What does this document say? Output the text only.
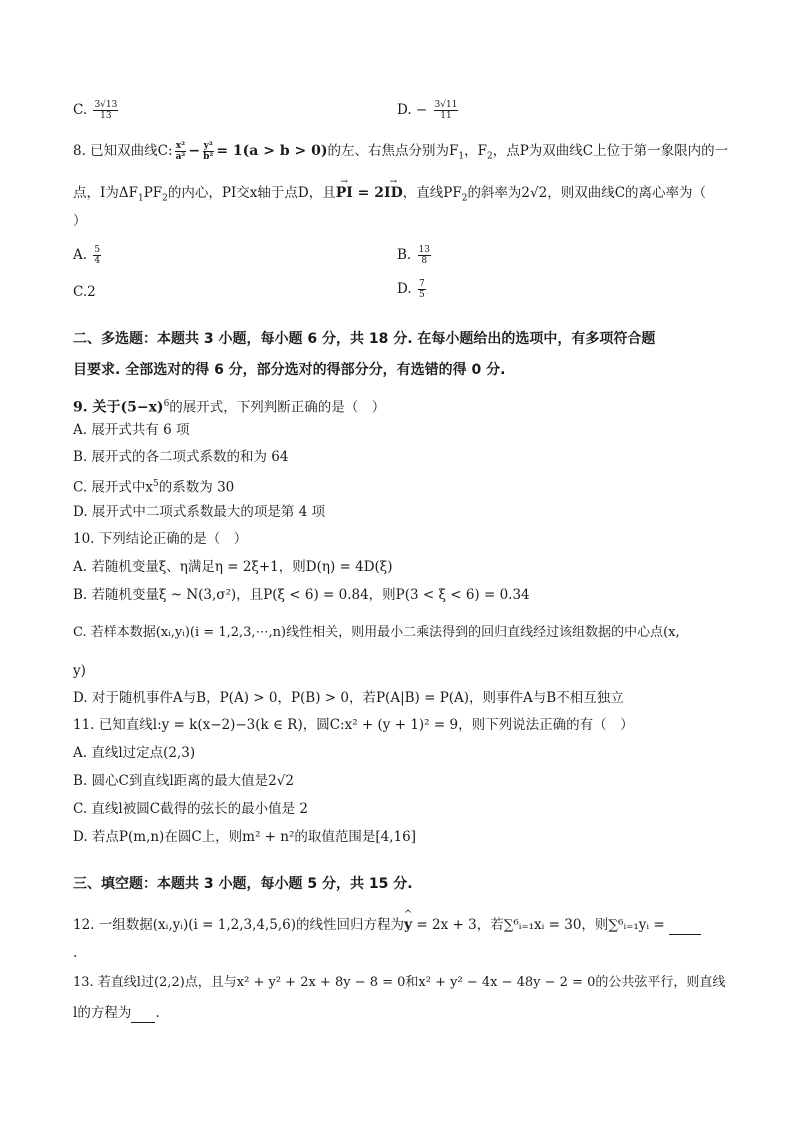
C. $\frac{3√13}{13}$	D. − $\frac{3√11}{11}$
8. 已知双曲线C: $\frac{\text{x²}}{\text{a²}} - \frac{\text{y²}}{\text{b²}} = 1(a > b > 0)$的左、右焦点分别为$F_1$，$F_2$，点P为双曲线C上位于第一象限内的一
点，I为$\Delta F_1PF_2$的内心，PI交x轴于点D，且→ PI = 2→ ID，直线$PF_2$的斜率为2√2，则双曲线C的离心率为（
）
A. $\frac{5}{4}$	B. $\frac{13}{8}$
C.2	D. $\frac{7}{5}$
二、多选题：本题共 3 小题，每小题 6 分，共 18 分. 在每小题给出的选项中，有多项符合题
目要求. 全部选对的得 6 分，部分选对的得部分分，有选错的得 0 分.
9. 关于$(5-x)^6$的展开式，下列判断正确的是（　）
A. 展开式共有 6 项
B. 展开式的各二项式系数的和为 64
C. 展开式中$x^5$的系数为 30
D. 展开式中二项式系数最大的项是第 4 项
10. 下列结论正确的是（　）
A. 若随机变量ξ、η满足η = 2ξ+1，则D(η) = 4D(ξ)
B. 若随机变量ξ ~ N(3,σ²)，且P(ξ < 6) = 0.84，则P(3 < ξ < 6) = 0.34
C. 若样本数据(xᵢ,yᵢ)(i = 1,2,3,⋯,n)线性相关，则用最小二乘法得到的回归直线经过该组数据的中心点(x,
y)
D. 对于随机事件A与B，P(A) > 0，P(B) > 0，若P(A|B) = P(A)，则事件A与B不相互独立
11. 已知直线l:y = k(x−2)−3(k ∈ R)，圆C:x² + (y + 1)² = 9，则下列说法正确的有（　）
A. 直线l过定点(2,3)
B. 圆心C到直线l距离的最大值是2√2
C. 直线l被圆C截得的弦长的最小值是 2
D. 若点P(m,n)在圆C上，则m² + n²的取值范围是[4,16]
三、填空题：本题共 3 小题，每小题 5 分，共 15 分.
12. 一组数据(xᵢ,yᵢ)(i = 1,2,3,4,5,6)的线性回归方程为^ y = 2x + 3，若∑⁶ᵢ₌₁xᵢ = 30，则∑⁶ᵢ₌₁yᵢ =
.
13. 若直线l过(2,2)点，且与x² + y² + 2x + 8y − 8 = 0和x² + y² − 4x − 48y − 2 = 0的公共弦平行，则直线
l的方程为 .
